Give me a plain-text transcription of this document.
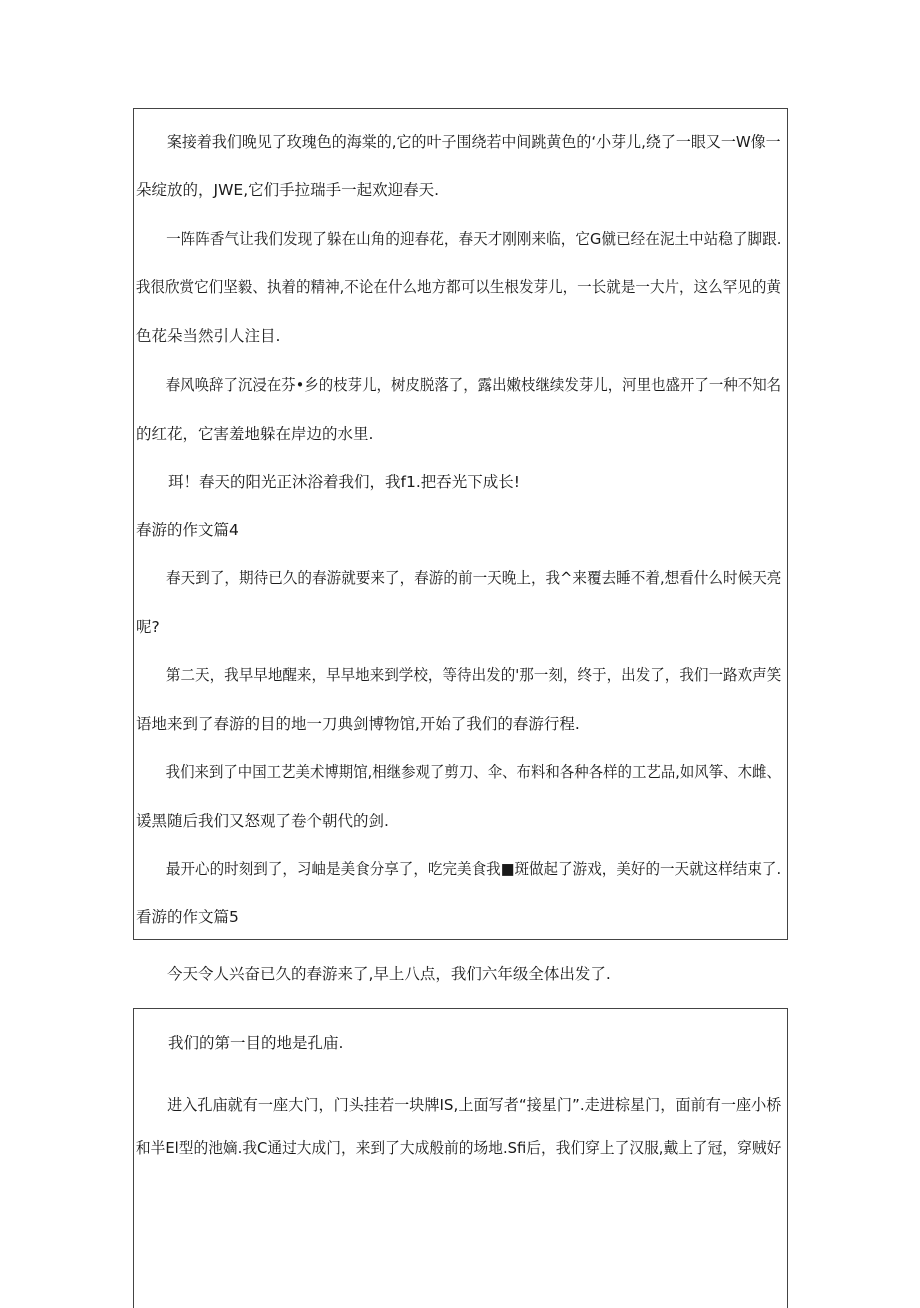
案接着我们晚见了玫瑰色的海棠的,它的叶子围绕若中间跳黄色的‘小芽儿,绕了一眼又一W像一
朵绽放的，JWE,它们手拉瑞手一起欢迎春天.
一阵阵香气让我们发现了躲在山角的迎春花，春天才刚刚来临，它G僦已经在泥土中站稳了脚跟.
我很欣赏它们坚毅、执着的精神,不论在什么地方都可以生根发芽儿，一长就是一大片，这么罕见的黄
色花朵当然引人注目.
春风唤辞了沉浸在芬•乡的枝芽儿，树皮脱落了，露出嫩枝继续发芽儿，河里也盛开了一种不知名
的红花，它害羞地躲在岸边的水里.
珥！春天的阳光正沐浴着我们，我f1.把吞光下成长!
春游的作文篇4
春天到了，期待已久的春游就要来了，春游的前一天晚上，我^来覆去睡不着,想看什么时候天亮
呢?
第二天，我早早地醒来，早早地来到学校，等待出发的'那一刻，终于，出发了，我们一路欢声笑
语地来到了春游的目的地一刀典剑博物馆,开始了我们的春游行程.
我们来到了中国工艺美术博期馆,相继参观了剪刀、伞、布料和各种各样的工艺品,如风筝、木雌、
谖黑随后我们又怒观了卷个朝代的剑.
最开心的时刻到了，习岫是美食分享了，吃完美食我■斑做起了游戏，美好的一天就这样结束了.
看游的作文篇5
今天令人兴奋已久的春游来了,早上八点，我们六年级全体出发了.
我们的第一目的地是孔庙.
进入孔庙就有一座大门，门头挂若一块牌IS,上面写者“接星门”.走进棕星门，面前有一座小桥
和半El型的池嫡.我C通过大成门，来到了大成般前的场地.Sfi后，我们穿上了汉服,戴上了冠，穿贼好
